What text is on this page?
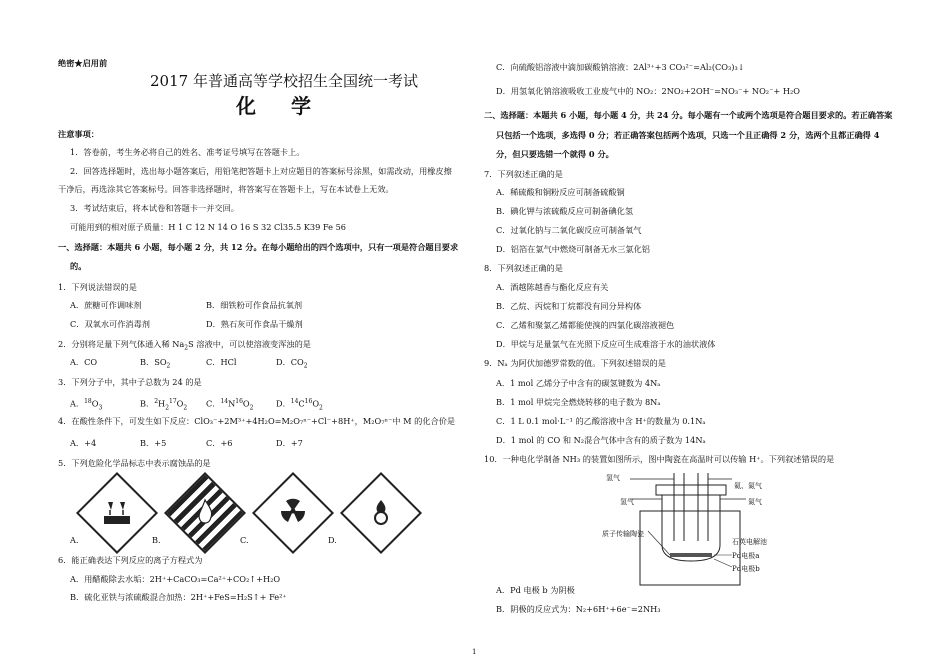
绝密★启用前
2017 年普通高等学校招生全国统一考试
化 学
注意事项：
1．答卷前，考生务必将自己的姓名、准考证号填写在答题卡上。
2．回答选择题时，选出每小题答案后，用铅笔把答题卡上对应题目的答案标号涂黑，如需改动，用橡皮擦
干净后，再选涂其它答案标号。回答非选择题时，将答案写在答题卡上，写在本试卷上无效。
3．考试结束后，将本试卷和答题卡一并交回。
可能用到的相对原子质量：H 1 C 12 N 14 O 16 S 32 Cl35.5 K39 Fe 56
一、选择题：本题共 6 小题，每小题 2 分，共 12 分。在每小题给出的四个选项中，只有一项是符合题目要求
的。
1．下列说法错误的是
A．蔗糖可作调味剂	B．细铁粉可作食品抗氧剂
C．双氧水可作消毒剂	D．熟石灰可作食品干燥剂
2．分别将足量下列气体通入稀 $Na_2S$ 溶液中，可以使溶液变浑浊的是
A．CO	B．$SO_2$	C．HCl	D．$CO_2$
3．下列分子中，其中子总数为 24 的是
A．$^{18}O_3$	B．$^2H_2^{17}O_2$ C．$^{14}N^{16}O_2$	D．$^{14}C^{16}O_2$
4．在酸性条件下，可发生如下反应：ClO₃⁻+2M³⁺+4H₂O=M₂O₇ⁿ⁻+Cl⁻+8H⁺，M₂O₇ⁿ⁻中 M 的化合价是
A．+4	B．+5	C．+6	D．+7
5．下列危险化学品标志中表示腐蚀品的是
A.	B.	C.	D.
6．能正确表达下列反应的离子方程式为
A．用醋酸除去水垢：2H⁺+CaCO₃=Ca²⁺+CO₂↑+H₂O
B．硫化亚铁与浓硫酸混合加热：2H⁺+FeS=H₂S↑+ Fe²⁺
C．向硫酸铝溶液中滴加碳酸钠溶液：2Al³⁺+3 CO₃²⁻=Al₂(CO₃)₃↓
D．用氢氧化钠溶液吸收工业废气中的 NO₂：2NO₂+2OH⁻=NO₃⁻+ NO₂⁻+ H₂O
二、选择题：本题共 6 小题，每小题 4 分，共 24 分。每小题有一个或两个选项是符合题目要求的。若正确答案
只包括一个选项，多选得 0 分；若正确答案包括两个选项，只选一个且正确得 2 分，选两个且都正确得 4
分，但只要选错一个就得 0 分。
7．下列叙述正确的是
A．稀硫酸和铜粉反应可制备硫酸铜
B．碘化钾与浓硫酸反应可制备碘化氢
C．过氧化钠与二氧化碳反应可制备氧气
D．铝箔在氯气中燃烧可制备无水三氯化铝
8．下列叙述正确的是
A．酒越陈越香与酯化反应有关
B．乙烷、丙烷和丁烷都没有同分异构体
C．乙烯和聚氯乙烯都能使溴的四氯化碳溶液褪色
D．甲烷与足量氯气在光照下反应可生成难溶于水的油状液体
9．Nₐ 为阿伏加德罗常数的值。下列叙述错误的是
A．1 mol 乙烯分子中含有的碳氢键数为 4Nₐ
B．1 mol 甲烷完全燃烧转移的电子数为 8Nₐ
C．1 L 0.1 mol·L⁻¹ 的乙酸溶液中含 H⁺的数量为 0.1Nₐ
D．1 mol 的 CO 和 N₂混合气体中含有的质子数为 14Nₐ
10．一种电化学制备 NH₃ 的装置如图所示，图中陶瓷在高温时可以传输 H⁺。下列叙述错误的是
氢气
氢气
氦、氮气
氮气
质子传输陶瓷
石英电解池
Pd电极a
Pd电极b
A．Pd 电极 b 为阴极
B．阴极的反应式为：N₂+6H⁺+6e⁻=2NH₃
1
